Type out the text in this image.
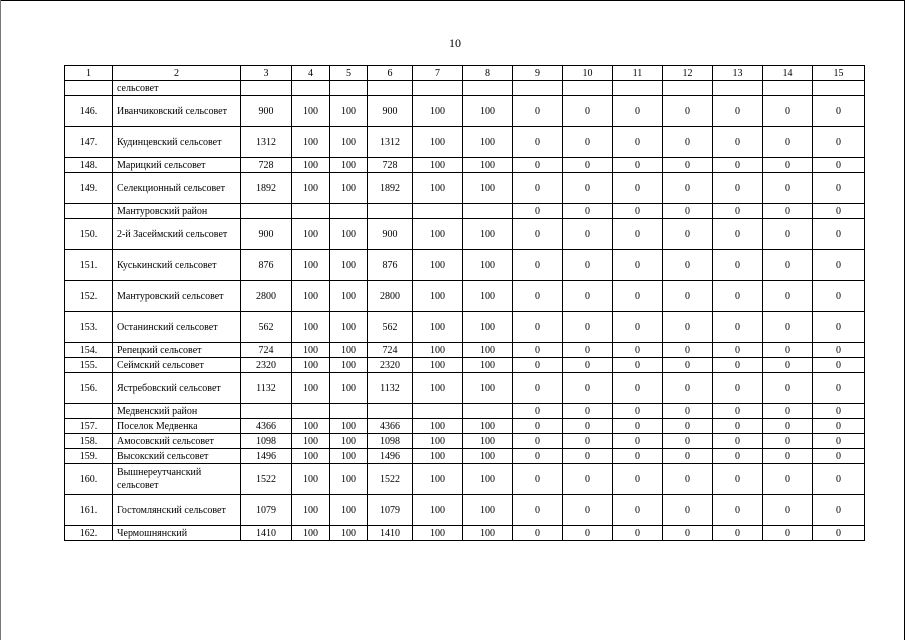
10
1	2	3	4	5	6	7	8	9	10	11	12	13	14	15
	сельсовет													
146.	Иванчиковский сельсовет	900	100	100	900	100	100	0	0	0	0	0	0	0
147.	Кудинцевский сельсовет	1312	100	100	1312	100	100	0	0	0	0	0	0	0
148.	Марицкий сельсовет	728	100	100	728	100	100	0	0	0	0	0	0	0
149.	Селекционный сельсовет	1892	100	100	1892	100	100	0	0	0	0	0	0	0
	Мантуровский район							0	0	0	0	0	0	0
150.	2-й Засеймский сельсовет	900	100	100	900	100	100	0	0	0	0	0	0	0
151.	Куськинский сельсовет	876	100	100	876	100	100	0	0	0	0	0	0	0
152.	Мантуровский сельсовет	2800	100	100	2800	100	100	0	0	0	0	0	0	0
153.	Останинский сельсовет	562	100	100	562	100	100	0	0	0	0	0	0	0
154.	Репецкий сельсовет	724	100	100	724	100	100	0	0	0	0	0	0	0
155.	Сеймский сельсовет	2320	100	100	2320	100	100	0	0	0	0	0	0	0
156.	Ястребовский сельсовет	1132	100	100	1132	100	100	0	0	0	0	0	0	0
	Медвенский район							0	0	0	0	0	0	0
157.	Поселок Медвенка	4366	100	100	4366	100	100	0	0	0	0	0	0	0
158.	Амосовский сельсовет	1098	100	100	1098	100	100	0	0	0	0	0	0	0
159.	Высокский сельсовет	1496	100	100	1496	100	100	0	0	0	0	0	0	0
160.	Вышнереутчанский сельсовет	1522	100	100	1522	100	100	0	0	0	0	0	0	0
161.	Гостомлянский сельсовет	1079	100	100	1079	100	100	0	0	0	0	0	0	0
162.	Чермошнянский	1410	100	100	1410	100	100	0	0	0	0	0	0	0
